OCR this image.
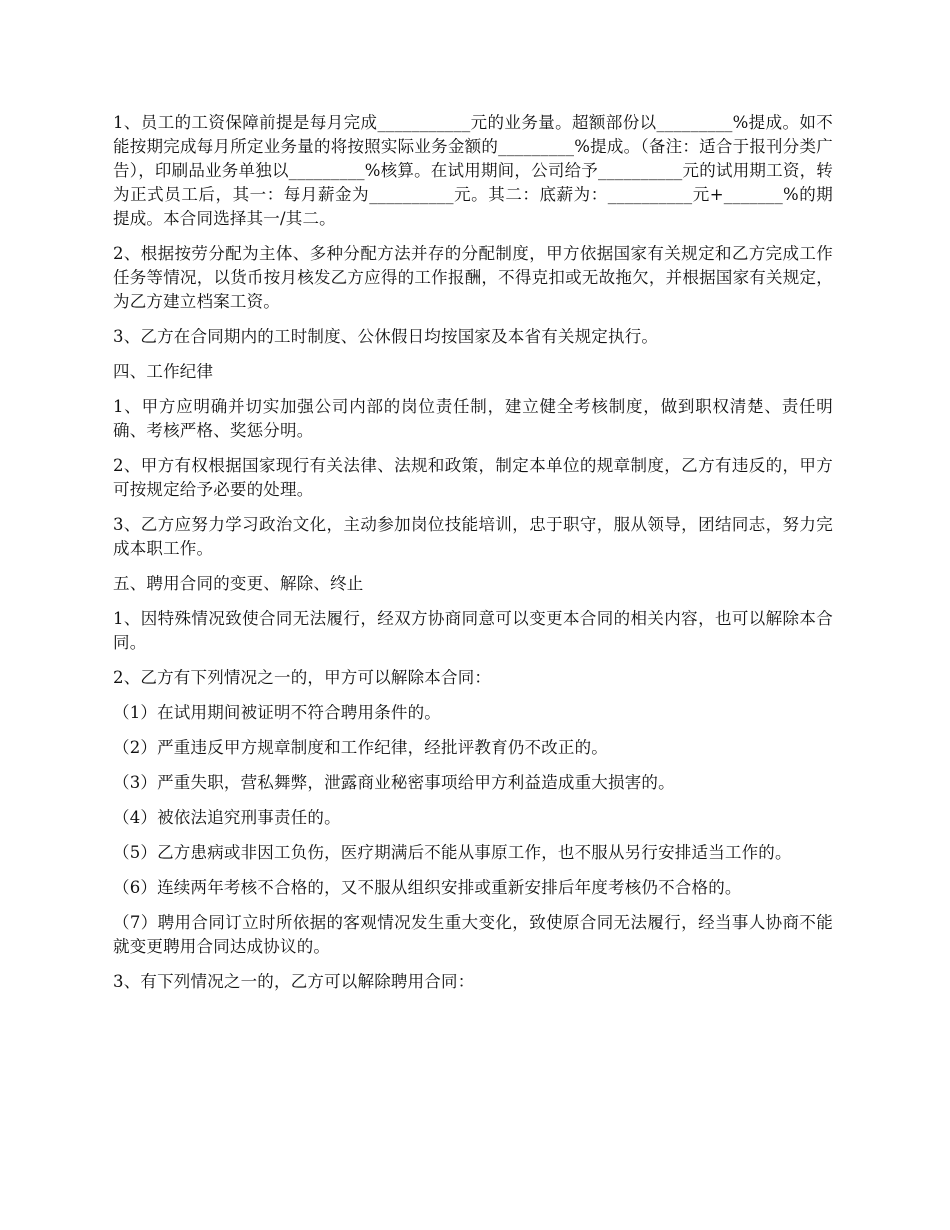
1、员工的工资保障前提是每月完成___________元的业务量。超额部份以_________%提成。如不能按期完成每月所定业务量的将按照实际业务金额的_________%提成。（备注：适合于报刊分类广告），印刷品业务单独以_________%核算。在试用期间，公司给予__________元的试用期工资，转为正式员工后，其一：每月薪金为__________元。其二：底薪为：__________元+_______%的期提成。本合同选择其一/其二。

2、根据按劳分配为主体、多种分配方法并存的分配制度，甲方依据国家有关规定和乙方完成工作任务等情况，以货币按月核发乙方应得的工作报酬，不得克扣或无故拖欠，并根据国家有关规定，为乙方建立档案工资。

3、乙方在合同期内的工时制度、公休假日均按国家及本省有关规定执行。

四、工作纪律

1、甲方应明确并切实加强公司内部的岗位责任制，建立健全考核制度，做到职权清楚、责任明确、考核严格、奖惩分明。

2、甲方有权根据国家现行有关法律、法规和政策，制定本单位的规章制度，乙方有违反的，甲方可按规定给予必要的处理。

3、乙方应努力学习政治文化，主动参加岗位技能培训，忠于职守，服从领导，团结同志，努力完成本职工作。

五、聘用合同的变更、解除、终止

1、因特殊情况致使合同无法履行，经双方协商同意可以变更本合同的相关内容，也可以解除本合同。

2、乙方有下列情况之一的，甲方可以解除本合同：

（1）在试用期间被证明不符合聘用条件的。

（2）严重违反甲方规章制度和工作纪律，经批评教育仍不改正的。

（3）严重失职，营私舞弊，泄露商业秘密事项给甲方利益造成重大损害的。

（4）被依法追究刑事责任的。

（5）乙方患病或非因工负伤，医疗期满后不能从事原工作，也不服从另行安排适当工作的。

（6）连续两年考核不合格的，又不服从组织安排或重新安排后年度考核仍不合格的。

（7）聘用合同订立时所依据的客观情况发生重大变化，致使原合同无法履行，经当事人协商不能就变更聘用合同达成协议的。

3、有下列情况之一的，乙方可以解除聘用合同：
